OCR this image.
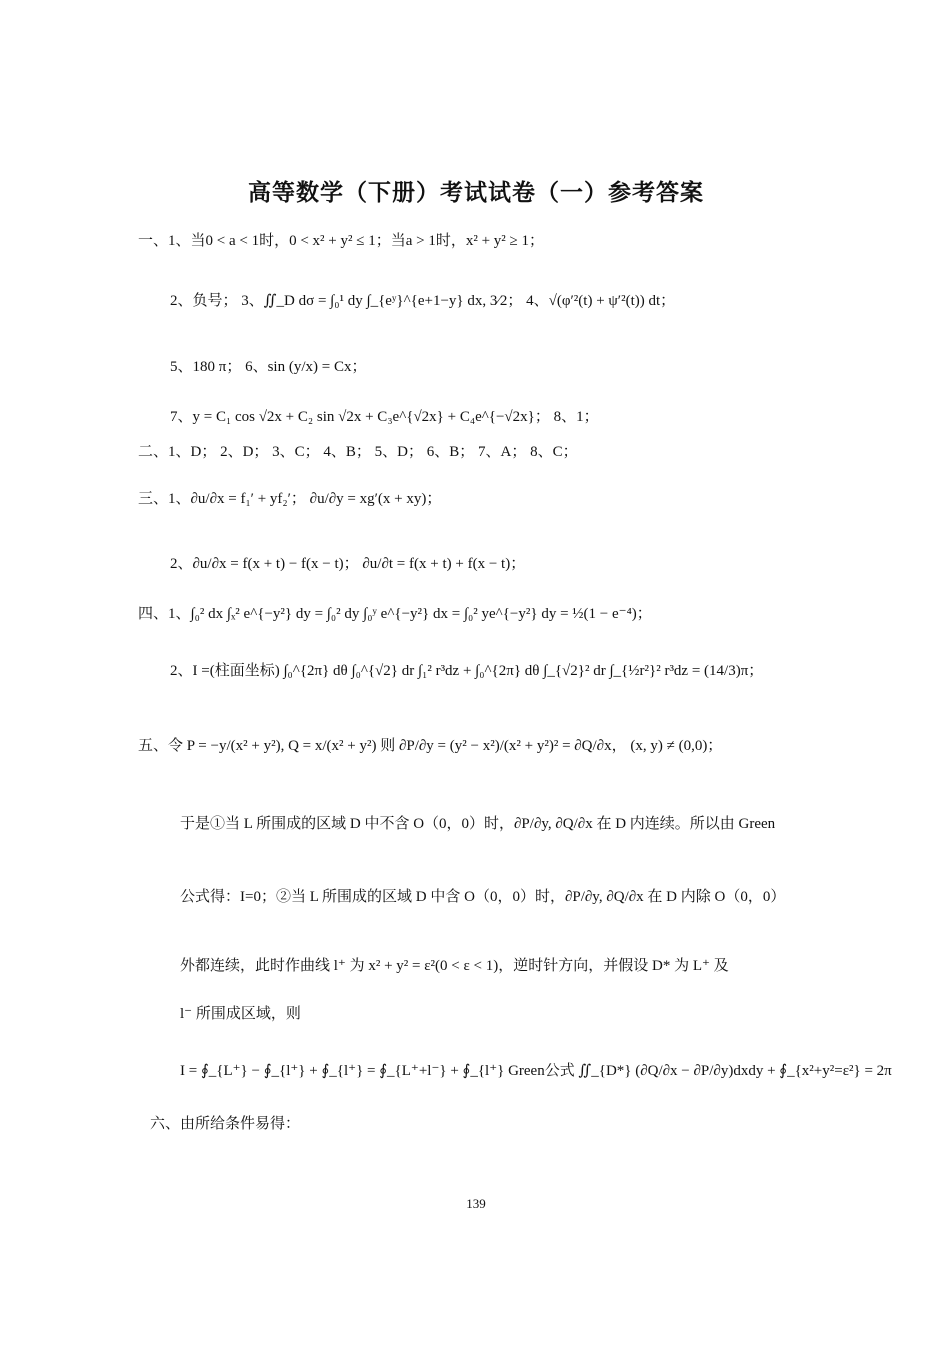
高等数学（下册）考试试卷（一）参考答案
一、1、当0 < a < 1时，0 < x² + y² ≤ 1；当a > 1时，x² + y² ≥ 1；
2、负号； 3、∬_D dσ = ∫₀¹ dy ∫_{eʸ}^{e+1−y} dx, 3⁄2； 4、√(φ′²(t) + ψ′²(t)) dt；
5、180 π； 6、sin (y/x) = Cx；
7、y = C₁ cos √2x + C₂ sin √2x + C₃e^{√2x} + C₄e^{−√2x}； 8、1；
二、1、D； 2、D； 3、C； 4、B； 5、D； 6、B； 7、A； 8、C；
三、1、∂u/∂x = f₁′ + yf₂′； ∂u/∂y = xg′(x + xy)；
2、∂u/∂x = f(x + t) − f(x − t)； ∂u/∂t = f(x + t) + f(x − t)；
四、1、∫₀² dx ∫ₓ² e^{−y²} dy = ∫₀² dy ∫₀ʸ e^{−y²} dx = ∫₀² ye^{−y²} dy = ½(1 − e⁻⁴)；
2、I =(柱面坐标) ∫₀^{2π} dθ ∫₀^{√2} dr ∫₁² r³dz + ∫₀^{2π} dθ ∫_{√2}² dr ∫_{½r²}² r³dz = (14/3)π；
五、令 P = −y/(x² + y²), Q = x/(x² + y²) 则 ∂P/∂y = (y² − x²)/(x² + y²)² = ∂Q/∂x， (x, y) ≠ (0,0)；
于是①当 L 所围成的区域 D 中不含 O（0，0）时，∂P/∂y, ∂Q/∂x 在 D 内连续。所以由 Green
公式得：I=0；②当 L 所围成的区域 D 中含 O（0，0）时，∂P/∂y, ∂Q/∂x 在 D 内除 O（0，0）
外都连续，此时作曲线 l⁺ 为 x² + y² = ε²(0 < ε < 1)，逆时针方向，并假设 D* 为 L⁺ 及
l⁻ 所围成区域，则
I = ∮_{L⁺} − ∮_{l⁺} + ∮_{l⁺} = ∮_{L⁺+l⁻} + ∮_{l⁺} Green公式 ∬_{D*} (∂Q/∂x − ∂P/∂y)dxdy + ∮_{x²+y²=ε²} = 2π
六、由所给条件易得：
139
